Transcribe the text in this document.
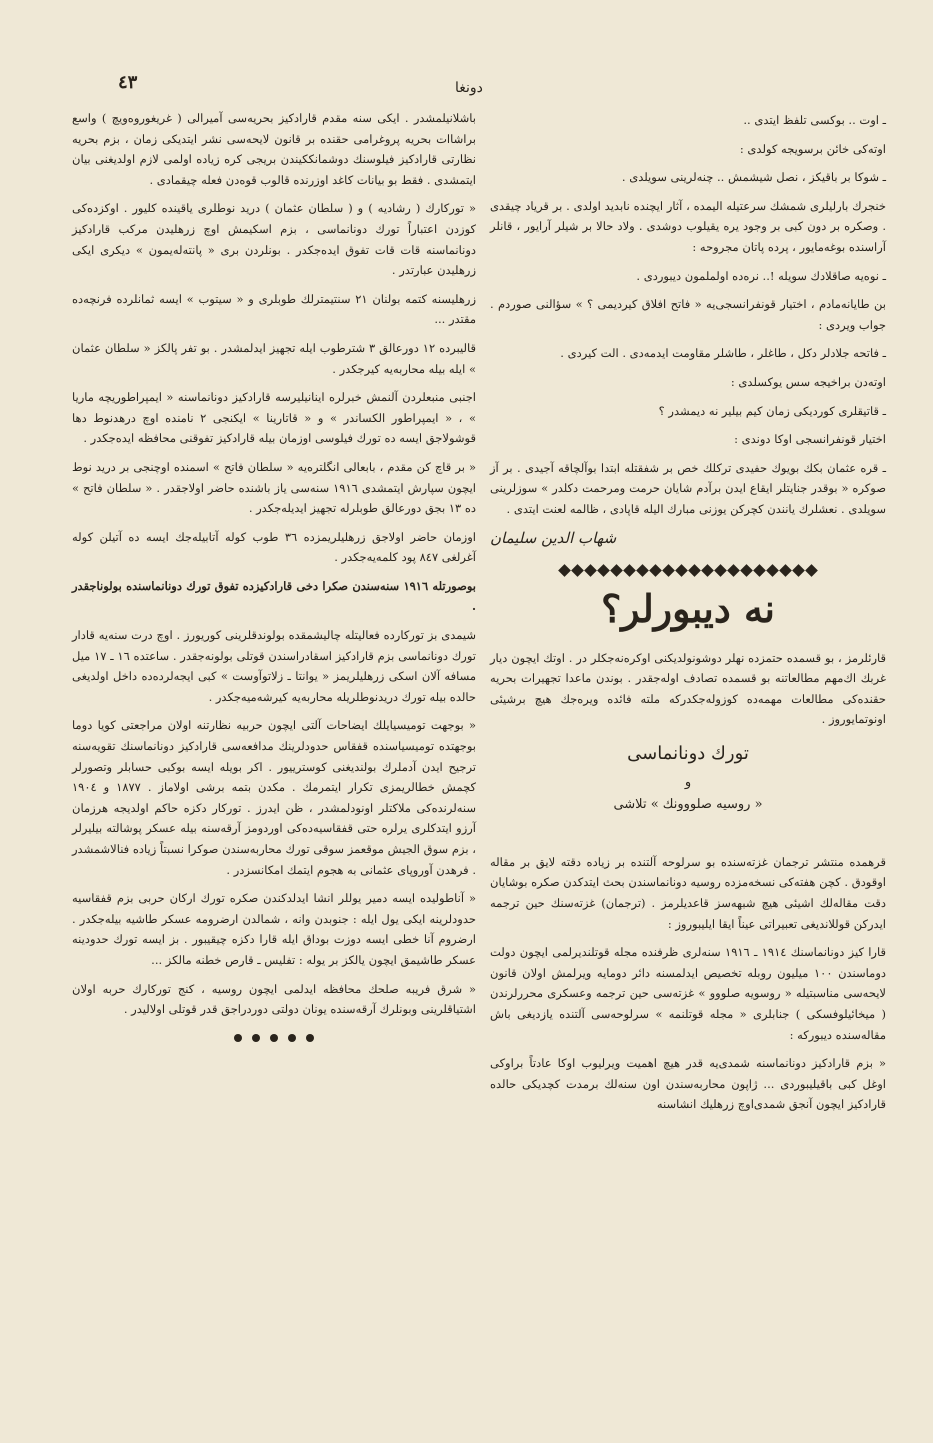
٤٣	دونغا

باشلانیلمشدر . ایکی سنه مقدم قارادکیز بحریه‌سی آمیرالی ( غریغوروه‌ویچ ) واسع براشاات بحریه پروغرامی حقنده بر قانون لایحه‌سی نشر ایتدیکی زمان ، بزم بحریه نظارتی قارادکیز فیلوسنك دوشمانککیندن بریجی کره زیاده اولمی لازم اولدیغنی بیان ایتمشدی . فقط بو بیانات کاغد اوزرنده قالوب قوه‌دن فعله چیقمادی .

« تورکارك ( رشادیه ) و ( سلطان عثمان ) درید نوطلری یاقینده کلیور . اوکزده‌کی کوزدن اعتباراً تورك دونانماسی ، بزم اسکیمش اوچ زرهلیدن مرکب قارادکیز دونانماسنه قات قات تفوق ایده‌جکدر . بونلردن بری « پانته‌له‌یمون » دیکری ایکی زرهلیدن عبارتدر .

زرهلیسنه کتمه بولنان ۲۱ سنتیمترلك طوبلری و « سیتوب » ایسه ثمانلرده فرنچه‌ده مقتدر ...

قالیبرده ۱۲ دورعالق ۳ شترطوب ایله تجهیز ایدلمشدر . بو تفر پالکز « سلطان عثمان » ایله بیله محاربه‌یه کیرجکدر .

اجنبی منبعلردن آلنمش خبرلره اینانیلیرسه قارادکیز دونانماسنه « ایمپراطوریچه ماریا » ، « ایمپراطور الکساندر » و « قاتارینا » ایکنجی ۲ نامنده اوچ درهدنوط دها قوشولاجق ایسه ده تورك فیلوسی اوزمان بیله قارادکیز تفوقنی محافظه ایده‌جکدر .

« بر قاچ کن مقدم ، بابعالی انگلتره‌یه « سلطان فاتح » اسمنده اوچنجی بر درید نوط ایچون سپارش ایتمشدی ۱۹۱٦ سنه‌سی یاز باشنده حاضر اولاجقدر . « سلطان فاتح » ده ۱۳ بجق دورعالق طوبلرله تجهیز ایدیله‌جکدر .

اوزمان حاضر اولاجق زرهلیلریمزده ۳٦ طوب کوله آتابیله‌جك ایسه ده آتیلن کوله آغرلغی ۸٤۷ پود کلمه‌یه‌جکدر .

بوصورتله ۱۹۱٦ سنه‌سندن صکرا دخی قارادکیزده تفوق تورك دونانماسنده بولوناجقدر .

شیمدی بز تورکارده فعالیتله چالیشمقده بولوندقلرینی کوریورز . اوچ درت سنه‌یه قادار تورك دونانماسی بزم قارادکیز اسقادراسندن قوتلی بولونه‌جقدر . ساعتده ۱٦ ـ ۱۷ میل مسافه آلان اسکی زرهلیلریمز « یوانتا ـ زلاتوآوست » کبی ایجه‌لرده‌ده داخل اولدیغی حالده بیله تورك دریدنوطلریله محاربه‌یه کیرشه‌میه‌جکدر .

« بوجهت تومیسیایلك ایضاحات آلتی ایچون حربیه نظارتنه اولان مراجعتی کویا دوما بوجهتده تومیسیاسنده قفقاس حدودلرینك مدافعه‌سی قارادکیز دونانماسنك تقویه‌سنه ترجیح ایدن آدملرك بولندیغنی کوسترییور . اکر بویله ایسه بوکبی حسابلر وتصورلر کچمش خطالریمزی تکرار ایتمرمك . مکدن بتمه برشی اولاماز . ۱۸۷۷ و ۱۹۰٤ سنه‌لرنده‌کی ملاکتلر اونودلمشدر ، ظن ایدرز . تورکار دکزه حاکم اولدیجه هرزمان آرزو ایتدکلری یرلره حتی قفقاسیه‌ده‌کی اوردومز آرقه‌سنه بیله عسکر پوشالته بیلیرلر ، بزم سوق الجیش موقعمز سوقی تورك محاربه‌سندن صوکرا نسبتاً زیاده فنالاشمشدر . فرهدن آوروپای عثمانی به هجوم ایتمك امکانسزدر .

« آناطولیده ایسه دمیر یوللر انشا ایدلدکندن صکره تورك ارکان حربی بزم قفقاسیه حدودلرینه ایکی یول ایله : جنوبدن وانه ، شمالدن ارضرومه عسکر طاشیه بیله‌جکدر . ارضروم آنا خطی ایسه دوزت بوداق ایله قارا دکزه چیقیبور . بز ایسه تورك حدودینه عسکر طاشیمق ایچون یالکز بر یوله : تفلیس ـ قارص خطنه مالکز ...

« شرق فریبه صلحك محافظه ایدلمی ایچون روسیه ، کنج تورکارك حربه اولان اشتیاقلرینی وبونلرك آرقه‌سنده یونان دولتی دوردراجق قدر قوتلی اولالیدر .

ـ اوت .. بوکسی تلفظ ایتدی ..

اوته‌کی خائن برسویجه کولدی :

ـ شوکا بر باقیکز ، نصل شیشمش .. چنه‌لرینی سویلدی .

خنجرك بارلیلری شمشك سرعتیله الیمده ، آثار ایچنده نابدید اولدی . بر قریاد چیقدی . وصکره بر دون کبی بر وجود یره یقیلوب دوشدی . ولاد حالا بر شیلر آرایور ، قانلر آراسنده بوغه‌مایور ، پرده پاتان مجروحه :

ـ نوه‌یه صاقلادك سویله !.. نره‌ده اولملمون دیبوردی .

بن طایانه‌مادم ، اختیار قونفرانسجی‌یه « فاتح افلاق کیردیمی ؟ » سؤالنی صوردم . جواب ویردی :

ـ فاتحه جلادلر دکل ، طاغلر ، طاشلر مقاومت ایدمه‌دی . الت کیردی .

اوته‌دن براخیجه سس یوکسلدی :

ـ قاتیقلری کوردیکی زمان کیم بیلیر نه دیمشدر ؟

اختیار قونفرانسجی اوکا دوندی :

ـ قره عثمان بکك بویوك حفیدی ترکلك خص بر شفقتله ابتدا بوآلچاقه آجیدی . بر آز صوکره « بوقدر جنایتلر ایقاع ایدن برآدم شایان حرمت ومرحمت دکلدر » سوزلرینی سویلدی . نعشلرك یانندن کچرکن یوزنی مبارك الیله قاپادی ، ظالمه لعنت ایتدی .

شهاب الدین سلیمان
نه دیبورلر؟

قارئلرمز ، بو قسمده حتمزده نهلر دوشونولدیکنی اوکره‌نه‌جکلر در . اوتك ایچون دیار غربك اك‌مهم مطالعاتنه بو قسمده تصادف اوله‌جقدر . بوندن ماعدا تجهیرات بحریه حقنده‌کی مطالعات مهمه‌ده کوزوله‌جکدرکه ملته فائده ویره‌جك هیچ برشیئی اونوتمایوروز .

تورك دونانماسی
و
« روسیه صلووونك » تلاشی

قرهمده منتشر ترجمان غزته‌سنده بو سرلوحه آلتنده بر زیاده دقته لایق بر مقاله اوقودق . کچن هفته‌کی نسخه‌مزده روسیه دونانماسندن بحث ایتدکدن صکره بوشایان دقت مقاله‌لك اشیئی هیچ شبهه‌سز قاعدیلرمز . (ترجمان) غزته‌سنك حین ترجمه ایدرکن قوللاندیغی تعبیراتی عیناً ایقا ایلیبوروز :

قارا کیز دونانماسنك ۱۹۱٤ ـ ۱۹۱٦ سنه‌لری ظرفنده مجله قوتلندیرلمی ایچون دولت دوماسندن ۱۰۰ میلیون روبله تخصیص ایدلمسنه دائر دومایه ویرلمش اولان قانون لایحه‌سی مناسبتیله « روسویه صلووو » غزته‌سی حین ترجمه وعسکری محررلرندن ( میخائیلوفسکی ) جنابلری « مجله قوتلنمه » سرلوحه‌سی آلتنده یازدیغی باش مقاله‌سنده دیبورکه :

« بزم قارادکیز دونانماسنه شمدی‌یه قدر هیچ اهمیت ویرلیوب اوکا عادتاً براوکی اوغل کبی باقیلیبوردی ... ژاپون محاربه‌سندن اون سنه‌لك برمدت کچدیکی حالده قارادکیز ایچون آنجق شمدی‌اوچ زرهلیك انشاسنه
